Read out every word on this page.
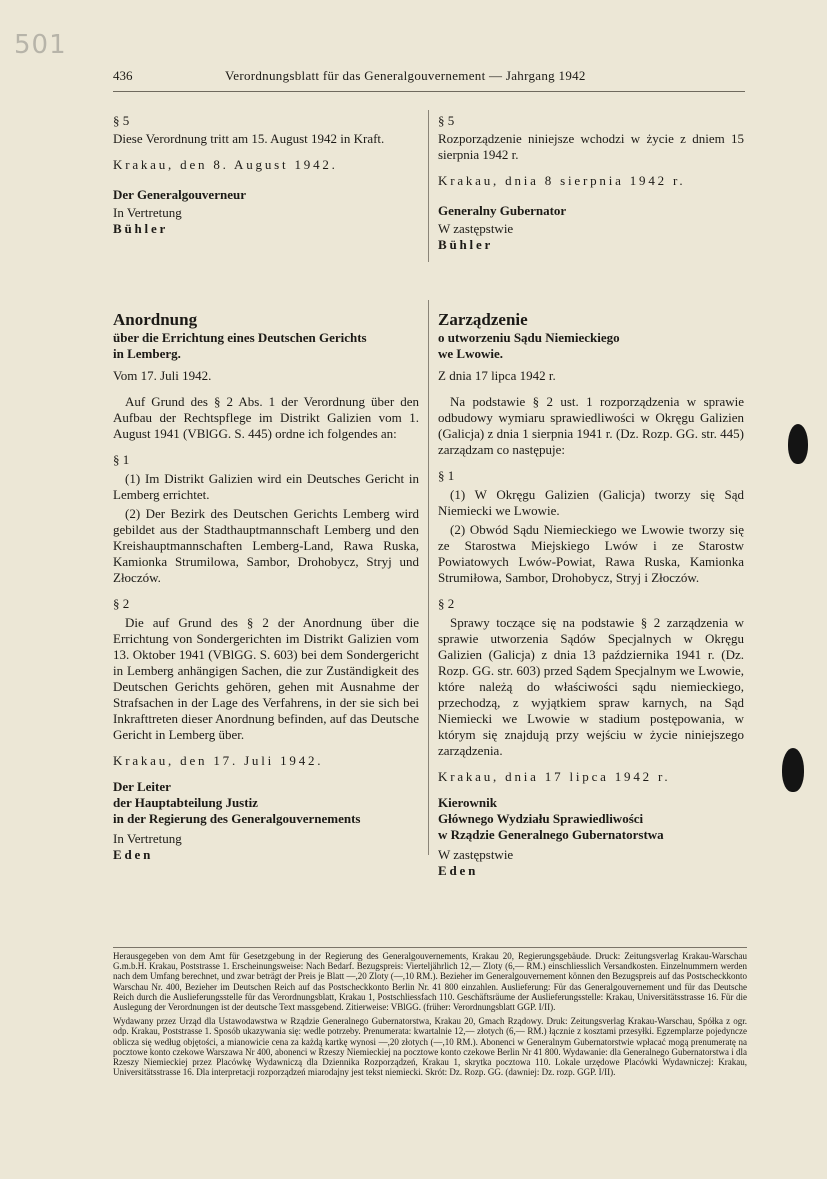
501
436	Verordnungsblatt für das Generalgouvernement — Jahrgang 1942

§ 5

Diese Verordnung tritt am 15. August 1942 in Kraft.

Krakau, den 8. August 1942.

Der Generalgouverneur

In Vertretung

Bühler

§ 5

Rozporządzenie niniejsze wchodzi w życie z dniem 15 sierpnia 1942 r.

Krakau, dnia 8 sierpnia 1942 r.

Generalny Gubernator

W zastępstwie

Bühler

Anordnung

über die Errichtung eines Deutschen Gerichts

in Lemberg.

Vom 17. Juli 1942.

Auf Grund des § 2 Abs. 1 der Verordnung über den Aufbau der Rechtspflege im Distrikt Galizien vom 1. August 1941 (VBlGG. S. 445) ordne ich folgendes an:

§ 1

(1) Im Distrikt Galizien wird ein Deutsches Gericht in Lemberg errichtet.

(2) Der Bezirk des Deutschen Gerichts Lemberg wird gebildet aus der Stadthauptmannschaft Lemberg und den Kreishauptmannschaften Lemberg-Land, Rawa Ruska, Kamionka Strumilowa, Sambor, Drohobycz, Stryj und Złoczów.

§ 2

Die auf Grund des § 2 der Anordnung über die Errichtung von Sondergerichten im Distrikt Galizien vom 13. Oktober 1941 (VBlGG. S. 603) bei dem Sondergericht in Lemberg anhängigen Sachen, die zur Zuständigkeit des Deutschen Gerichts gehören, gehen mit Ausnahme der Strafsachen in der Lage des Verfahrens, in der sie sich bei Inkrafttreten dieser Anordnung befinden, auf das Deutsche Gericht in Lemberg über.

Krakau, den 17. Juli 1942.

Der Leiter

der Hauptabteilung Justiz

in der Regierung des Generalgouvernements

In Vertretung

Eden

Zarządzenie

o utworzeniu Sądu Niemieckiego

we Lwowie.

Z dnia 17 lipca 1942 r.

Na podstawie § 2 ust. 1 rozporządzenia w sprawie odbudowy wymiaru sprawiedliwości w Okręgu Galizien (Galicja) z dnia 1 sierpnia 1941 r. (Dz. Rozp. GG. str. 445) zarządzam co następuje:

§ 1

(1) W Okręgu Galizien (Galicja) tworzy się Sąd Niemiecki we Lwowie.

(2) Obwód Sądu Niemieckiego we Lwowie tworzy się ze Starostwa Miejskiego Lwów i ze Starostw Powiatowych Lwów-Powiat, Rawa Ruska, Kamionka Strumiłowa, Sambor, Drohobycz, Stryj i Złoczów.

§ 2

Sprawy toczące się na podstawie § 2 zarządzenia w sprawie utworzenia Sądów Specjalnych w Okręgu Galizien (Galicja) z dnia 13 października 1941 r. (Dz. Rozp. GG. str. 603) przed Sądem Specjalnym we Lwowie, które należą do właściwości sądu niemieckiego, przechodzą, z wyjątkiem spraw karnych, na Sąd Niemiecki we Lwowie w stadium postępowania, w którym się znajdują przy wejściu w życie niniejszego zarządzenia.

Krakau, dnia 17 lipca 1942 r.

Kierownik

Głównego Wydziału Sprawiedliwości

w Rządzie Generalnego Gubernatorstwa

W zastępstwie

Eden

Herausgegeben von dem Amt für Gesetzgebung in der Regierung des Generalgouvernements, Krakau 20, Regierungsgebäude. Druck: Zeitungsverlag Krakau-Warschau G.m.b.H. Krakau, Poststrasse 1. Erscheinungsweise: Nach Bedarf. Bezugspreis: Vierteljährlich 12,— Zloty (6,— RM.) einschliesslich Versandkosten. Einzelnummern werden nach dem Umfang berechnet, und zwar beträgt der Preis je Blatt —,20 Zloty (—,10 RM.). Bezieher im Generalgouvernement können den Bezugspreis auf das Postscheckkonto Warschau Nr. 400, Bezieher im Deutschen Reich auf das Postscheckkonto Berlin Nr. 41 800 einzahlen. Auslieferung: Für das Generalgouvernement und für das Deutsche Reich durch die Auslieferungsstelle für das Verordnungsblatt, Krakau 1, Postschliessfach 110. Geschäftsräume der Auslieferungsstelle: Krakau, Universitätsstrasse 16. Für die Auslegung der Verordnungen ist der deutsche Text massgebend. Zitierweise: VBlGG. (früher: Verordnungsblatt GGP. I/II).

Wydawany przez Urząd dla Ustawodawstwa w Rządzie Generalnego Gubernatorstwa, Krakau 20, Gmach Rządowy. Druk: Zeitungsverlag Krakau-Warschau, Spółka z ogr. odp. Krakau, Poststrasse 1. Sposób ukazywania się: wedle potrzeby. Prenumerata: kwartalnie 12,— złotych (6,— RM.) łącznie z kosztami przesyłki. Egzemplarze pojedyncze oblicza się według objętości, a mianowicie cena za każdą kartkę wynosi —,20 złotych (—,10 RM.). Abonenci w Generalnym Gubernatorstwie wpłacać mogą prenumeratę na pocztowe konto czekowe Warszawa Nr 400, abonenci w Rzeszy Niemieckiej na pocztowe konto czekowe Berlin Nr 41 800. Wydawanie: dla Generalnego Gubernatorstwa i dla Rzeszy Niemieckiej przez Placówkę Wydawniczą dla Dziennika Rozporządzeń, Krakau 1, skrytka pocztowa 110. Lokale urzędowe Placówki Wydawniczej: Krakau, Universitätsstrasse 16. Dla interpretacji rozporządzeń miarodajny jest tekst niemiecki. Skrót: Dz. Rozp. GG. (dawniej: Dz. rozp. GGP. I/II).
